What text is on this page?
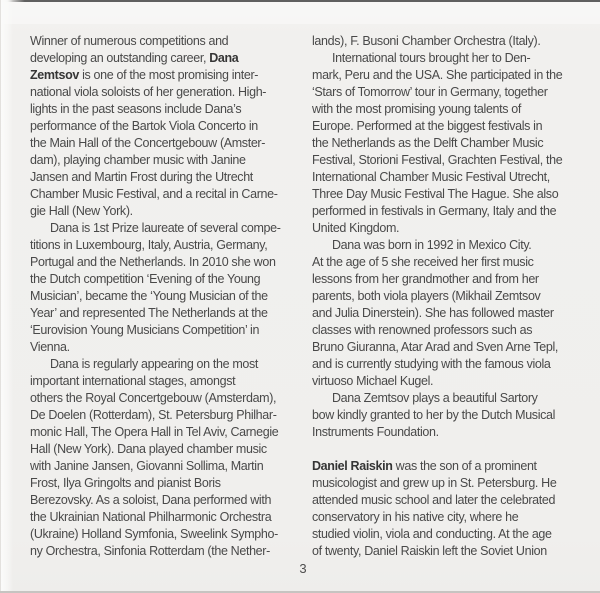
Winner of numerous competitions and
developing an outstanding career, Dana
Zemtsov is one of the most promising inter-
national viola soloists of her generation. High-
lights in the past seasons include Dana’s
performance of the Bartok Viola Concerto in
the Main Hall of the Concertgebouw (Amster-
dam), playing chamber music with Janine
Jansen and Martin Frost during the Utrecht
Chamber Music Festival, and a recital in Carne-
gie Hall (New York).
Dana is 1st Prize laureate of several compe-
titions in Luxembourg, Italy, Austria, Germany,
Portugal and the Netherlands. In 2010 she won
the Dutch competition ‘Evening of the Young
Musician’, became the ‘Young Musician of the
Year’ and represented The Netherlands at the
‘Eurovision Young Musicians Competition’ in
Vienna.
Dana is regularly appearing on the most
important international stages, amongst
others the Royal Concertgebouw (Amsterdam),
De Doelen (Rotterdam), St. Petersburg Philhar-
monic Hall, The Opera Hall in Tel Aviv, Carnegie
Hall (New York). Dana played chamber music
with Janine Jansen, Giovanni Sollima, Martin
Frost, Ilya Gringolts and pianist Boris
Berezovsky. As a soloist, Dana performed with
the Ukrainian National Philharmonic Orchestra
(Ukraine) Holland Symfonia, Sweelink Sympho-
ny Orchestra, Sinfonia Rotterdam (the Nether-
lands), F. Busoni Chamber Orchestra (Italy).
International tours brought her to Den-
mark, Peru and the USA. She participated in the
‘Stars of Tomorrow’ tour in Germany, together
with the most promising young talents of
Europe. Performed at the biggest festivals in
the Netherlands as the Delft Chamber Music
Festival, Storioni Festival, Grachten Festival, the
International Chamber Music Festival Utrecht,
Three Day Music Festival The Hague. She also
performed in festivals in Germany, Italy and the
United Kingdom.
Dana was born in 1992 in Mexico City.
At the age of 5 she received her first music
lessons from her grandmother and from her
parents, both viola players (Mikhail Zemtsov
and Julia Dinerstein). She has followed master
classes with renowned professors such as
Bruno Giuranna, Atar Arad and Sven Arne Tepl,
and is currently studying with the famous viola
virtuoso Michael Kugel.
Dana Zemtsov plays a beautiful Sartory
bow kindly granted to her by the Dutch Musical
Instruments Foundation.
Daniel Raiskin was the son of a prominent
musicologist and grew up in St. Petersburg. He
attended music school and later the celebrated
conservatory in his native city, where he
studied violin, viola and conducting. At the age
of twenty, Daniel Raiskin left the Soviet Union
3
